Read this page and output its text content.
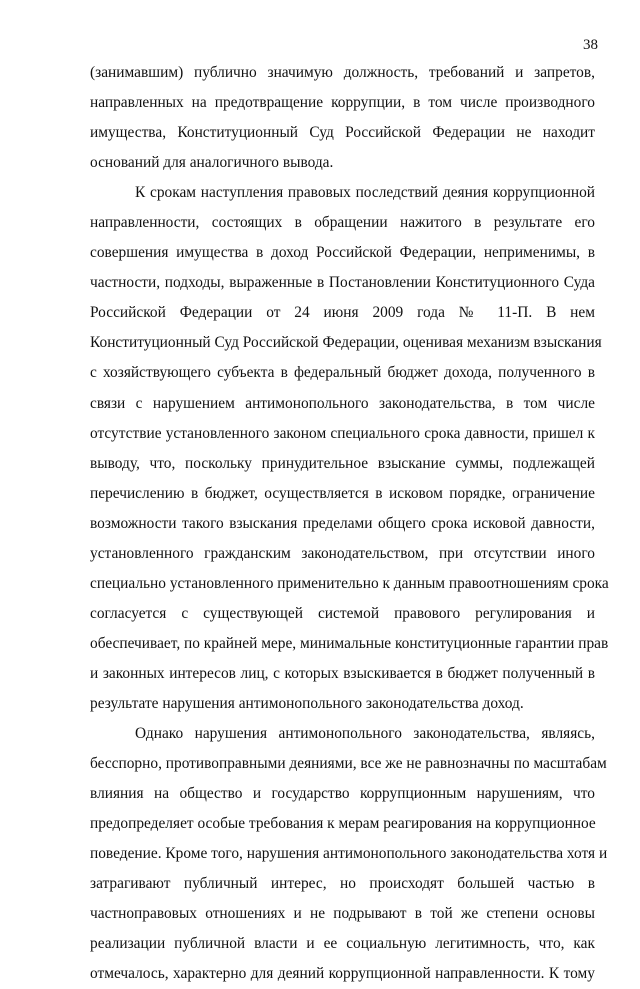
38
(занимавшим) публично значимую должность, требований и запретов,
направленных на предотвращение коррупции, в том числе производного
имущества, Конституционный Суд Российской Федерации не находит
оснований для аналогичного вывода.
К срокам наступления правовых последствий деяния коррупционной
направленности, состоящих в обращении нажитого в результате его
совершения имущества в доход Российской Федерации, неприменимы, в
частности, подходы, выраженные в Постановлении Конституционного Суда
Российской Федерации от 24 июня 2009 года № 11-П. В нем
Конституционный Суд Российской Федерации, оценивая механизм взыскания
с хозяйствующего субъекта в федеральный бюджет дохода, полученного в
связи с нарушением антимонопольного законодательства, в том числе
отсутствие установленного законом специального срока давности, пришел к
выводу, что, поскольку принудительное взыскание суммы, подлежащей
перечислению в бюджет, осуществляется в исковом порядке, ограничение
возможности такого взыскания пределами общего срока исковой давности,
установленного гражданским законодательством, при отсутствии иного
специально установленного применительно к данным правоотношениям срока
согласуется с существующей системой правового регулирования и
обеспечивает, по крайней мере, минимальные конституционные гарантии прав
и законных интересов лиц, с которых взыскивается в бюджет полученный в
результате нарушения антимонопольного законодательства доход.
Однако нарушения антимонопольного законодательства, являясь,
бесспорно, противоправными деяниями, все же не равнозначны по масштабам
влияния на общество и государство коррупционным нарушениям, что
предопределяет особые требования к мерам реагирования на коррупционное
поведение. Кроме того, нарушения антимонопольного законодательства хотя и
затрагивают публичный интерес, но происходят большей частью в
частноправовых отношениях и не подрывают в той же степени основы
реализации публичной власти и ее социальную легитимность, что, как
отмечалось, характерно для деяний коррупционной направленности. К тому
